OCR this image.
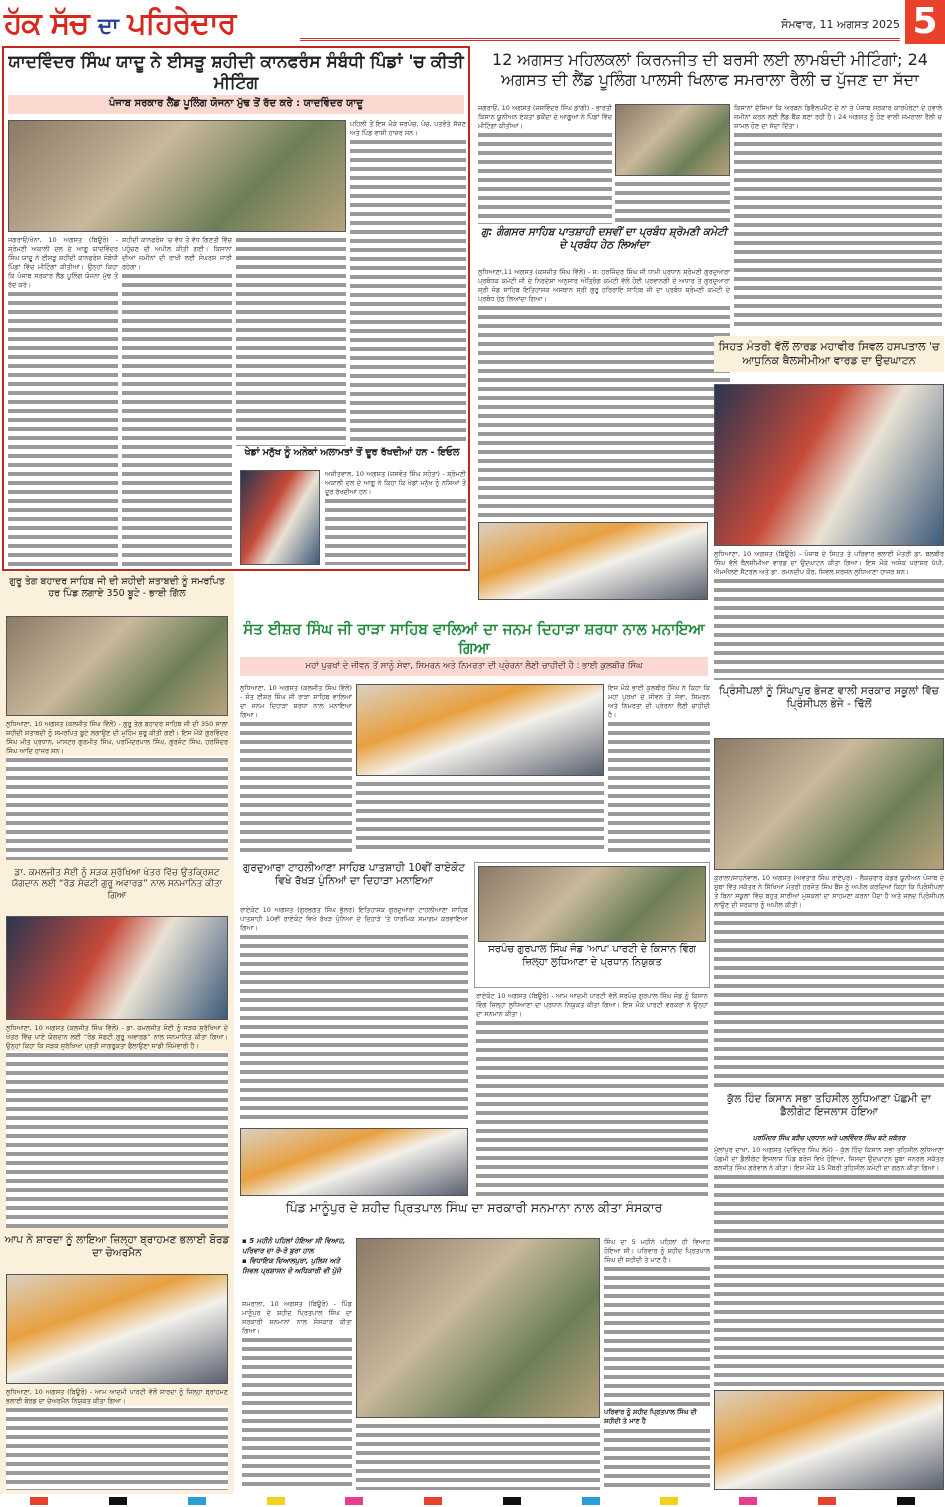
ਹੱਕ ਸੱਚ ਦਾ ਪਹਿਰੇਦਾਰ	ਸੋਮਵਾਰ, 11 ਅਗਸਤ 2025 5
ਯਾਦਵਿੰਦਰ ਸਿੰਘ ਯਾਦੂ ਨੇ ਈਸੜੂ ਸ਼ਹੀਦੀ ਕਾਨਫਰੰਸ ਸੰਬੰਧੀ ਪਿੰਡਾਂ 'ਚ ਕੀਤੀ ਮੀਟਿੰਗ
ਪੰਜਾਬ ਸਰਕਾਰ ਲੈਂਡ ਪੂਲਿੰਗ ਯੋਜਨਾ ਮੁੱਢ ਤੋਂ ਰੱਦ ਕਰੇ : ਯਾਦਵਿੰਦਰ ਯਾਦੂ
ਪਹਿਲੀ ਤੋਂ ਇਸ ਮੌਕੇ ਸਰਪੰਚ, ਪੰਚ, ਪਤਵੰਤੇ ਸੱਜਣ ਅਤੇ ਪਿੰਡ ਵਾਸੀ ਹਾਜ਼ਰ ਸਨ।
ਜਗਰਾਓਂ/ਖੰਨਾ, 10 ਅਗਸਤ (ਬਿਊਰੋ) - ਸ਼੍ਰੋਮਣੀ ਅਕਾਲੀ ਦਲ ਦੇ ਆਗੂ ਯਾਦਵਿੰਦਰ ਸਿੰਘ ਯਾਦੂ ਨੇ ਈਸੜੂ ਸ਼ਹੀਦੀ ਕਾਨਫਰੰਸ ਸੰਬੰਧੀ ਪਿੰਡਾਂ ਵਿੱਚ ਮੀਟਿੰਗਾਂ ਕੀਤੀਆਂ। ਉਨ੍ਹਾਂ ਕਿਹਾ ਕਿ ਪੰਜਾਬ ਸਰਕਾਰ ਲੈਂਡ ਪੂਲਿੰਗ ਯੋਜਨਾ ਮੁੱਢ ਤੋਂ ਰੱਦ ਕਰੇ।
ਸ਼ਹੀਦੀ ਕਾਨਫਰੰਸ 'ਚ ਵੱਧ ਤੋਂ ਵੱਧ ਗਿਣਤੀ ਵਿੱਚ ਪਹੁੰਚਣ ਦੀ ਅਪੀਲ ਕੀਤੀ ਗਈ। ਕਿਸਾਨਾਂ ਦੀਆਂ ਜ਼ਮੀਨਾਂ ਦੀ ਰਾਖੀ ਲਈ ਸੰਘਰਸ਼ ਜਾਰੀ ਰਹੇਗਾ।
ਖੇਡਾਂ ਮਨੁੱਖ ਨੂੰ ਅਨੇਕਾਂ ਅਲਾਮਤਾਂ ਤੋਂ ਦੂਰ ਰੱਖਦੀਆਂ ਹਨ - ਇਓਲ
ਅਜੀਤਵਾਲ, 10 ਅਗਸਤ (ਜਸਵੰਤ ਸਿੰਘ ਸਹੋਤਾ) - ਸ਼੍ਰੋਮਣੀ ਅਕਾਲੀ ਦਲ ਦੇ ਆਗੂ ਨੇ ਕਿਹਾ ਕਿ ਖੇਡਾਂ ਮਨੁੱਖ ਨੂੰ ਨਸ਼ਿਆਂ ਤੋਂ ਦੂਰ ਰੱਖਦੀਆਂ ਹਨ।
12 ਅਗਸਤ ਮਹਿਲਕਲਾਂ ਕਿਰਨਜੀਤ ਦੀ ਬਰਸੀ ਲਈ ਲਾਮਬੰਦੀ ਮੀਟਿੰਗਾਂ; 24 ਅਗਸਤ ਦੀ ਲੈਂਡ ਪੂਲਿੰਗ ਪਾਲਸੀ ਖਿਲਾਫ ਸਮਰਾਲਾ ਰੈਲੀ ਚ ਪੁੱਜਣ ਦਾ ਸੱਦਾ
ਜਗਰਾਓਂ, 10 ਅਗਸਤ (ਜਸਵਿੰਦਰ ਸਿੰਘ ਡਾਂਗੀ) - ਭਾਰਤੀ ਕਿਸਾਨ ਯੂਨੀਅਨ ਏਕਤਾ ਡਕੌਂਦਾ ਦੇ ਆਗੂਆਂ ਨੇ ਪਿੰਡਾਂ ਵਿੱਚ ਮੀਟਿੰਗਾਂ ਕੀਤੀਆਂ।
ਕਿਸਾਨਾਂ ਦੱਸਿਆ ਕਿ ਅਰਬਨ ਡਿਵੈਲਪਮੈਂਟ ਦੇ ਨਾਂ ਤੇ ਪੰਜਾਬ ਸਰਕਾਰ ਕਾਰਪੋਰੇਟਾਂ ਦੇ ਹਵਾਲੇ ਜ਼ਮੀਨਾਂ ਕਰਨ ਲਈ ਲੈਂਡ ਬੈਂਕ ਬਣਾ ਰਹੀ ਹੈ। 24 ਅਗਸਤ ਨੂੰ ਹੋਣ ਵਾਲੀ ਸਮਰਾਲਾ ਰੈਲੀ ਚ ਸ਼ਾਮਲ ਹੋਣ ਦਾ ਸੱਦਾ ਦਿੱਤਾ।
ਗੁ: ਗੰਗਸਰ ਸਾਹਿਬ ਪਾਤਸ਼ਾਹੀ ਦਸਵੀਂ ਦਾ ਪ੍ਰਬੰਧ ਸ਼੍ਰੋਮਣੀ ਕਮੇਟੀ ਦੇ ਪ੍ਰਬੰਧ ਹੇਠ ਲਿਆਂਦਾ
ਲੁਧਿਆਣਾ,11 ਅਗਸਤ (ਕਸਜੀਤ ਸਿੰਘ ਵਿੱਲੋਂ) - ਸ: ਹਰਜਿੰਦਰ ਸਿੰਘ ਜੀ ਧਾਮੀ ਪ੍ਰਧਾਨ ਸ਼੍ਰੋਮਣੀ ਗੁਰਦੁਆਰਾ ਪ੍ਰਬੰਧਕ ਕਮੇਟੀ ਜੀ ਦੇ ਨਿਰਦੇਸ਼ਾ ਅਨੁਸਾਰ ਅੰਤ੍ਰਿੰਗ ਕਮੇਟੀ ਵੱਲੋਂ ਹੋਈ ਪ੍ਰਵਾਨਗੀ ਦੇ ਅਧਾਰ ਤੇ ਗੁਰਦੁਆਰਾ ਸ੍ਰੀ ਜੰਡ ਸਾਹਿਬ ਇਤਿਹਾਸਕ ਅਸਥਾਨ ਸ੍ਰੀ ਗੁਰੂ ਹਰਿਰਾਇ ਸਾਹਿਬ ਜੀ ਦਾ ਪ੍ਰਬੰਧ ਸ਼੍ਰੋਮਣੀ ਕਮੇਟੀ ਦੇ ਪ੍ਰਬੰਧ ਹੇਠ ਲਿਆਂਦਾ ਗਿਆ।
ਸਿਹਤ ਮੰਤਰੀ ਵੱਲੋਂ ਲਾਰਡ ਮਹਾਵੀਰ ਸਿਵਲ ਹਸਪਤਾਲ 'ਚ ਆਧੁਨਿਕ ਥੈਲਸੀਮੀਆ ਵਾਰਡ ਦਾ ਉਦਘਾਟਨ
ਲੁਧਿਆਣਾ, 10 ਅਗਸਤ (ਬਿਊਰੋ) - ਪੰਜਾਬ ਦੇ ਸਿਹਤ ਤੇ ਪਰਿਵਾਰ ਭਲਾਈ ਮੰਤਰੀ ਡਾ. ਬਲਬੀਰ ਸਿੰਘ ਵੱਲੋਂ ਥੈਲਸੀਮੀਆ ਵਾਰਡ ਦਾ ਉਦਘਾਟਨ ਕੀਤਾ ਗਿਆ। ਇਸ ਮੌਕੇ ਅਸ਼ੋਕ ਪਰਾਸ਼ਰ ਪੱਪੀ, ਐਮਐਲਏ ਸੈਂਟਰਲ ਅਤੇ ਡਾ. ਰਮਨਦੀਪ ਕੌਰ, ਸਿਵਲ ਸਰਜਨ ਲੁਧਿਆਣਾ ਹਾਜ਼ਰ ਸਨ।
ਪ੍ਰਿੰਸੀਪਲਾਂ ਨੂੰ ਸਿੰਘਾਪੁਰ ਭੇਜਣ ਵਾਲੀ ਸਰਕਾਰ ਸਕੂਲਾਂ ਵਿੱਚ ਪ੍ਰਿੰਸੀਪਲ ਭੇਜੇ - ਢਿੱਲੋਂ
ਕੁਰਾਲਾ/ਸਾਹਨੇਵਾਲ, 10 ਅਗਸਤ (ਅਵਤਾਰ ਸਿੰਘ ਰਾਏਪੁਰ) - ਲੈਕਚਰਾਰ ਕੇਡਰ ਯੂਨੀਅਨ ਪੰਜਾਬ ਦੇ ਸੂਬਾ ਵਿੱਤ ਸਕੱਤਰ ਨੇ ਸਿੱਖਿਆ ਮੰਤਰੀ ਹਰਜੋਤ ਸਿੰਘ ਬੈਂਸ ਨੂੰ ਅਪੀਲ ਕਰਦਿਆਂ ਕਿਹਾ ਕਿ ਪ੍ਰਿੰਸੀਪਲਾਂ ਤੋਂ ਬਿਨਾ ਸਕੂਲਾਂ ਵਿੱਚ ਬਹੁਤ ਸਾਰੀਆਂ ਮੁਸ਼ਕਲਾਂ ਦਾ ਸਾਹਮਣਾ ਕਰਨਾ ਪੈਂਦਾ ਹੈ ਅਤੇ ਜਲਦ ਪ੍ਰਿੰਸੀਪਲ ਲਾਉਣ ਦੀ ਸਰਕਾਰ ਨੂੰ ਅਪੀਲ ਕੀਤੀ।
ਕੁੱਲ ਹਿੰਦ ਕਿਸਾਨ ਸਭਾ ਤਹਿਸੀਲ ਲੁਧਿਆਣਾ ਪੱਛਮੀ ਦਾ ਡੈਲੀਗੇਟ ਇਜਲਾਸ ਹੋਇਆ
ਪਰਮਿੰਦਰ ਸਿੰਘ ਬੜੈਚ ਪ੍ਰਧਾਨ ਅਤੇ ਪਲਵਿੰਦਰ ਸਿੰਘ ਬਟੇ ਸਕੱਤਰ
ਮੁੱਲਾਂਪੁਰ ਦਾਖਾ, 10 ਅਗਸਤ (ਦਵਿੰਦਰ ਸਿੰਘ ਲੇਮੇ) - ਕੁੱਲ ਹਿੰਦ ਕਿਸਾਨ ਸਭਾ ਤਹਿਸੀਲ ਲੁਧਿਆਣਾ ਪੱਛਮੀ ਦਾ ਡੈਲੀਗੇਟ ਇਜਲਾਸ ਪਿੰਡ ਬਰੋਜ ਵਿਖੇ ਹੋਇਆ, ਜਿਸਦਾ ਉਦਘਾਟਨ ਸੂਬਾ ਜਨਰਲ ਸਕੱਤਰ ਬਲਜੀਤ ਸਿੰਘ ਗਰੇਵਾਲ ਨੇ ਕੀਤਾ। ਇਸ ਮੌਕੇ 15 ਮੈਂਬਰੀ ਤਹਿਸੀਲ ਕਮੇਟੀ ਦਾ ਗਠਨ ਕੀਤਾ ਗਿਆ।
ਗੁਰੂ ਤੇਗ ਬਹਾਦਰ ਸਾਹਿਬ ਜੀ ਦੀ ਸ਼ਹੀਦੀ ਸ਼ਤਾਬਦੀ ਨੂੰ ਸਮਰਪਿਤ ਹਰ ਪਿੰਡ ਲਗਾਏ 350 ਬੂਟੇ - ਭਾਈ ਗਿੱਲ
ਲੁਧਿਆਣਾ, 10 ਅਗਸਤ (ਕਲਜੀਤ ਸਿੰਘ ਵਿੱਲੋਂ) - ਗੁਰੂ ਤੇਗ ਬਹਾਦਰ ਸਾਹਿਬ ਜੀ ਦੀ 350 ਸਾਲਾ ਸ਼ਹੀਦੀ ਸ਼ਤਾਬਦੀ ਨੂੰ ਸਮਰਪਿਤ ਬੂਟੇ ਲਗਾਉਣ ਦੀ ਮੁਹਿੰਮ ਸ਼ੁਰੂ ਕੀਤੀ ਗਈ। ਇਸ ਮੌਕੇ ਗੁਰਵਿੰਦਰ ਸਿੰਘ ਮੀਤ ਪ੍ਰਧਾਨ, ਮਾਸਟਰ ਗੁਰਮੀਤ ਸਿੰਘ, ਪਰਮਿੰਦਰਪਾਲ ਸਿੰਘ, ਗੁਰਜੰਟ ਸਿੰਘ, ਹਰਜਿੰਦਰ ਸਿੰਘ ਆਦਿ ਹਾਜ਼ਰ ਸਨ।
ਡਾ. ਕਮਲਜੀਤ ਸੋਈ ਨੂੰ ਸੜਕ ਸੁਰੱਖਿਆ ਖੇਤਰ ਵਿੱਚ ਉਤਕ੍ਰਿਸ਼ਟ ਯੋਗਦਾਨ ਲਈ “ਰੋਡ ਸੇਫਟੀ ਗੁਰੂ ਅਵਾਰਡ” ਨਾਲ ਸਨਮਾਨਿਤ ਕੀਤਾ ਗਿਆ
ਲੁਧਿਆਣਾ, 10 ਅਗਸਤ (ਕਲਜੀਤ ਸਿੰਘ ਵਿੱਲੋਂ) - ਡਾ. ਕਮਲਜੀਤ ਸੋਈ ਨੂੰ ਸੜਕ ਸੁਰੱਖਿਆ ਦੇ ਖੇਤਰ ਵਿੱਚ ਪਾਏ ਯੋਗਦਾਨ ਲਈ “ਰੋਡ ਸੇਫਟੀ ਗੁਰੂ ਅਵਾਰਡ” ਨਾਲ ਸਨਮਾਨਿਤ ਕੀਤਾ ਗਿਆ। ਉਨ੍ਹਾਂ ਕਿਹਾ ਕਿ ਸੜਕ ਸੁਰੱਖਿਆ ਪ੍ਰਤੀ ਜਾਗਰੂਕਤਾ ਫੈਲਾਉਣਾ ਸਾਡੀ ਜ਼ਿੰਮੇਵਾਰੀ ਹੈ।
ਆਪ ਨੇ ਸ਼ਾਰਦਾ ਨੂੰ ਲਾਇਆ ਜ਼ਿਲ੍ਹਾ ਬ੍ਰਾਹਮਣ ਭਲਾਈ ਬੋਰਡ ਦਾ ਚੇਅਰਮੈਨ
ਲੁਧਿਆਣਾ, 10 ਅਗਸਤ (ਬਿਊਰੋ) - ਆਮ ਆਦਮੀ ਪਾਰਟੀ ਵੱਲੋਂ ਸ਼ਾਰਦਾ ਨੂੰ ਜ਼ਿਲ੍ਹਾ ਬ੍ਰਾਹਮਣ ਭਲਾਈ ਬੋਰਡ ਦਾ ਚੇਅਰਮੈਨ ਨਿਯੁਕਤ ਕੀਤਾ ਗਿਆ।
ਸੰਤ ਈਸ਼ਰ ਸਿੰਘ ਜੀ ਰਾੜਾ ਸਾਹਿਬ ਵਾਲਿਆਂ ਦਾ ਜਨਮ ਦਿਹਾੜਾ ਸ਼ਰਧਾ ਨਾਲ ਮਨਾਇਆ ਗਿਆ
ਮਹਾਂ ਪੁਰਖਾਂ ਦੇ ਜੀਵਨ ਤੋਂ ਸਾਨੂੰ ਸੇਵਾ, ਸਿਮਰਨ ਅਤੇ ਨਿਮਰਤਾ ਦੀ ਪ੍ਰੇਰਨਾ ਲੈਣੀ ਚਾਹੀਦੀ ਹੈ : ਭਾਈ ਕੁਲਬੀਰ ਸਿੰਘ
ਲੁਧਿਆਣਾ, 10 ਅਗਸਤ (ਕਲਜੀਤ ਸਿੰਘ ਵਿੱਲੋਂ) - ਸੰਤ ਈਸ਼ਰ ਸਿੰਘ ਜੀ ਰਾੜਾ ਸਾਹਿਬ ਵਾਲਿਆਂ ਦਾ ਜਨਮ ਦਿਹਾੜਾ ਸ਼ਰਧਾ ਨਾਲ ਮਨਾਇਆ ਗਿਆ।
ਇਸ ਮੌਕੇ ਭਾਈ ਕੁਲਬੀਰ ਸਿੰਘ ਨੇ ਕਿਹਾ ਕਿ ਮਹਾਂ ਪੁਰਖਾਂ ਦੇ ਜੀਵਨ ਤੋਂ ਸੇਵਾ, ਸਿਮਰਨ ਅਤੇ ਨਿਮਰਤਾ ਦੀ ਪ੍ਰੇਰਨਾ ਲੈਣੀ ਚਾਹੀਦੀ ਹੈ।
ਗੁਰਦੁਆਰਾ ਟਾਹਲੀਆਣਾ ਸਾਹਿਬ ਪਾਤਸ਼ਾਹੀ 10ਵੀਂ ਰਾਏਕੋਟ ਵਿਖੇ ਰੱਖੜ ਪੁੰਨਿਆਂ ਦਾ ਦਿਹਾੜਾ ਮਨਾਇਆ
ਰਾਏਕੋਟ 10 ਅਗਸਤ (ਗੁਰਭਗਤ ਸਿੰਘ ਭੁੱਲਰ) ਇਤਿਹਾਸਕ ਗੁਰਦੁਆਰਾ ਟਾਹਲੀਆਣਾ ਸਾਹਿਬ ਪਾਤਸ਼ਾਹੀ 10ਵੀਂ ਰਾਏਕੋਟ ਵਿਖੇ ਰੱਖੜ ਪੁੰਨਿਆ ਦੇ ਦਿਹਾੜੇ 'ਤੇ ਧਾਰਮਿਕ ਸਮਾਗਮ ਕਰਵਾਇਆ ਗਿਆ।
ਸਰਪੰਚ ਗੁਰਪਾਲ ਸਿੰਘ ਜੰਡ 'ਆਪ' ਪਾਰਟੀ ਦੇ ਕਿਸਾਨ ਵਿੰਗ ਜ਼ਿਲ੍ਹਾ ਲੁਧਿਆਣਾ ਦੇ ਪ੍ਰਧਾਨ ਨਿਯੁਕਤ
ਰਾਏਕੋਟ 10 ਅਗਸਤ (ਬਿਊਰੋ) - ਆਮ ਆਦਮੀ ਪਾਰਟੀ ਵੱਲੋਂ ਸਰਪੰਚ ਗੁਰਪਾਲ ਸਿੰਘ ਜੰਡ ਨੂੰ ਕਿਸਾਨ ਵਿੰਗ ਜ਼ਿਲ੍ਹਾ ਲੁਧਿਆਣਾ ਦਾ ਪ੍ਰਧਾਨ ਨਿਯੁਕਤ ਕੀਤਾ ਗਿਆ। ਇਸ ਮੌਕੇ ਪਾਰਟੀ ਵਰਕਰਾਂ ਨੇ ਉਨ੍ਹਾਂ ਦਾ ਸਨਮਾਨ ਕੀਤਾ।
ਪਿੰਡ ਮਾਨੂੰਪੁਰ ਦੇ ਸ਼ਹੀਦ ਪ੍ਰਿਤਪਾਲ ਸਿੰਘ ਦਾ ਸਰਕਾਰੀ ਸਨਮਾਨਾ ਨਾਲ ਕੀਤਾ ਸੰਸਕਾਰ
▪ 5 ਮਹੀਨੇ ਪਹਿਲਾਂ ਹੋਇਆ ਸੀ ਵਿਆਹ, ਪਰਿਵਾਰ ਦਾ ਰੋ-ਰੋ ਬੁਰਾ ਹਾਲ
▪ ਵਿਧਾਇਕ ਦਿਆਲਪੁਰਾ, ਪੁਲਿਸ ਅਤੇ ਸਿਵਲ ਪ੍ਰਸ਼ਾਸਨ ਦੇ ਅਧਿਕਾਰੀ ਵੀ ਪੁੱਜੇ
ਸਮਰਾਲਾ, 10 ਅਗਸਤ (ਬਿਊਰੋ) - ਪਿੰਡ ਮਾਨੂੰਪੁਰ ਦੇ ਸ਼ਹੀਦ ਪ੍ਰਿਤਪਾਲ ਸਿੰਘ ਦਾ ਸਰਕਾਰੀ ਸਨਮਾਨਾਂ ਨਾਲ ਸੰਸਕਾਰ ਕੀਤਾ ਗਿਆ।
ਸਿੰਘ ਦਾ 5 ਮਹੀਨੇ ਪਹਿਲਾਂ ਹੀ ਵਿਆਹ ਹੋਇਆ ਸੀ। ਪਰਿਵਾਰ ਨੂੰ ਸ਼ਹੀਦ ਪ੍ਰਿਤਪਾਲ ਸਿੰਘ ਦੀ ਸ਼ਹੀਦੀ ਤੇ ਮਾਣ ਹੈ।
ਪਰਿਵਾਰ ਨੂੰ ਸ਼ਹੀਦ ਪ੍ਰਿਤਪਾਲ ਸਿੰਘ ਦੀ ਸ਼ਹੀਦੀ ਤੇ ਮਾਣ ਹੈ
